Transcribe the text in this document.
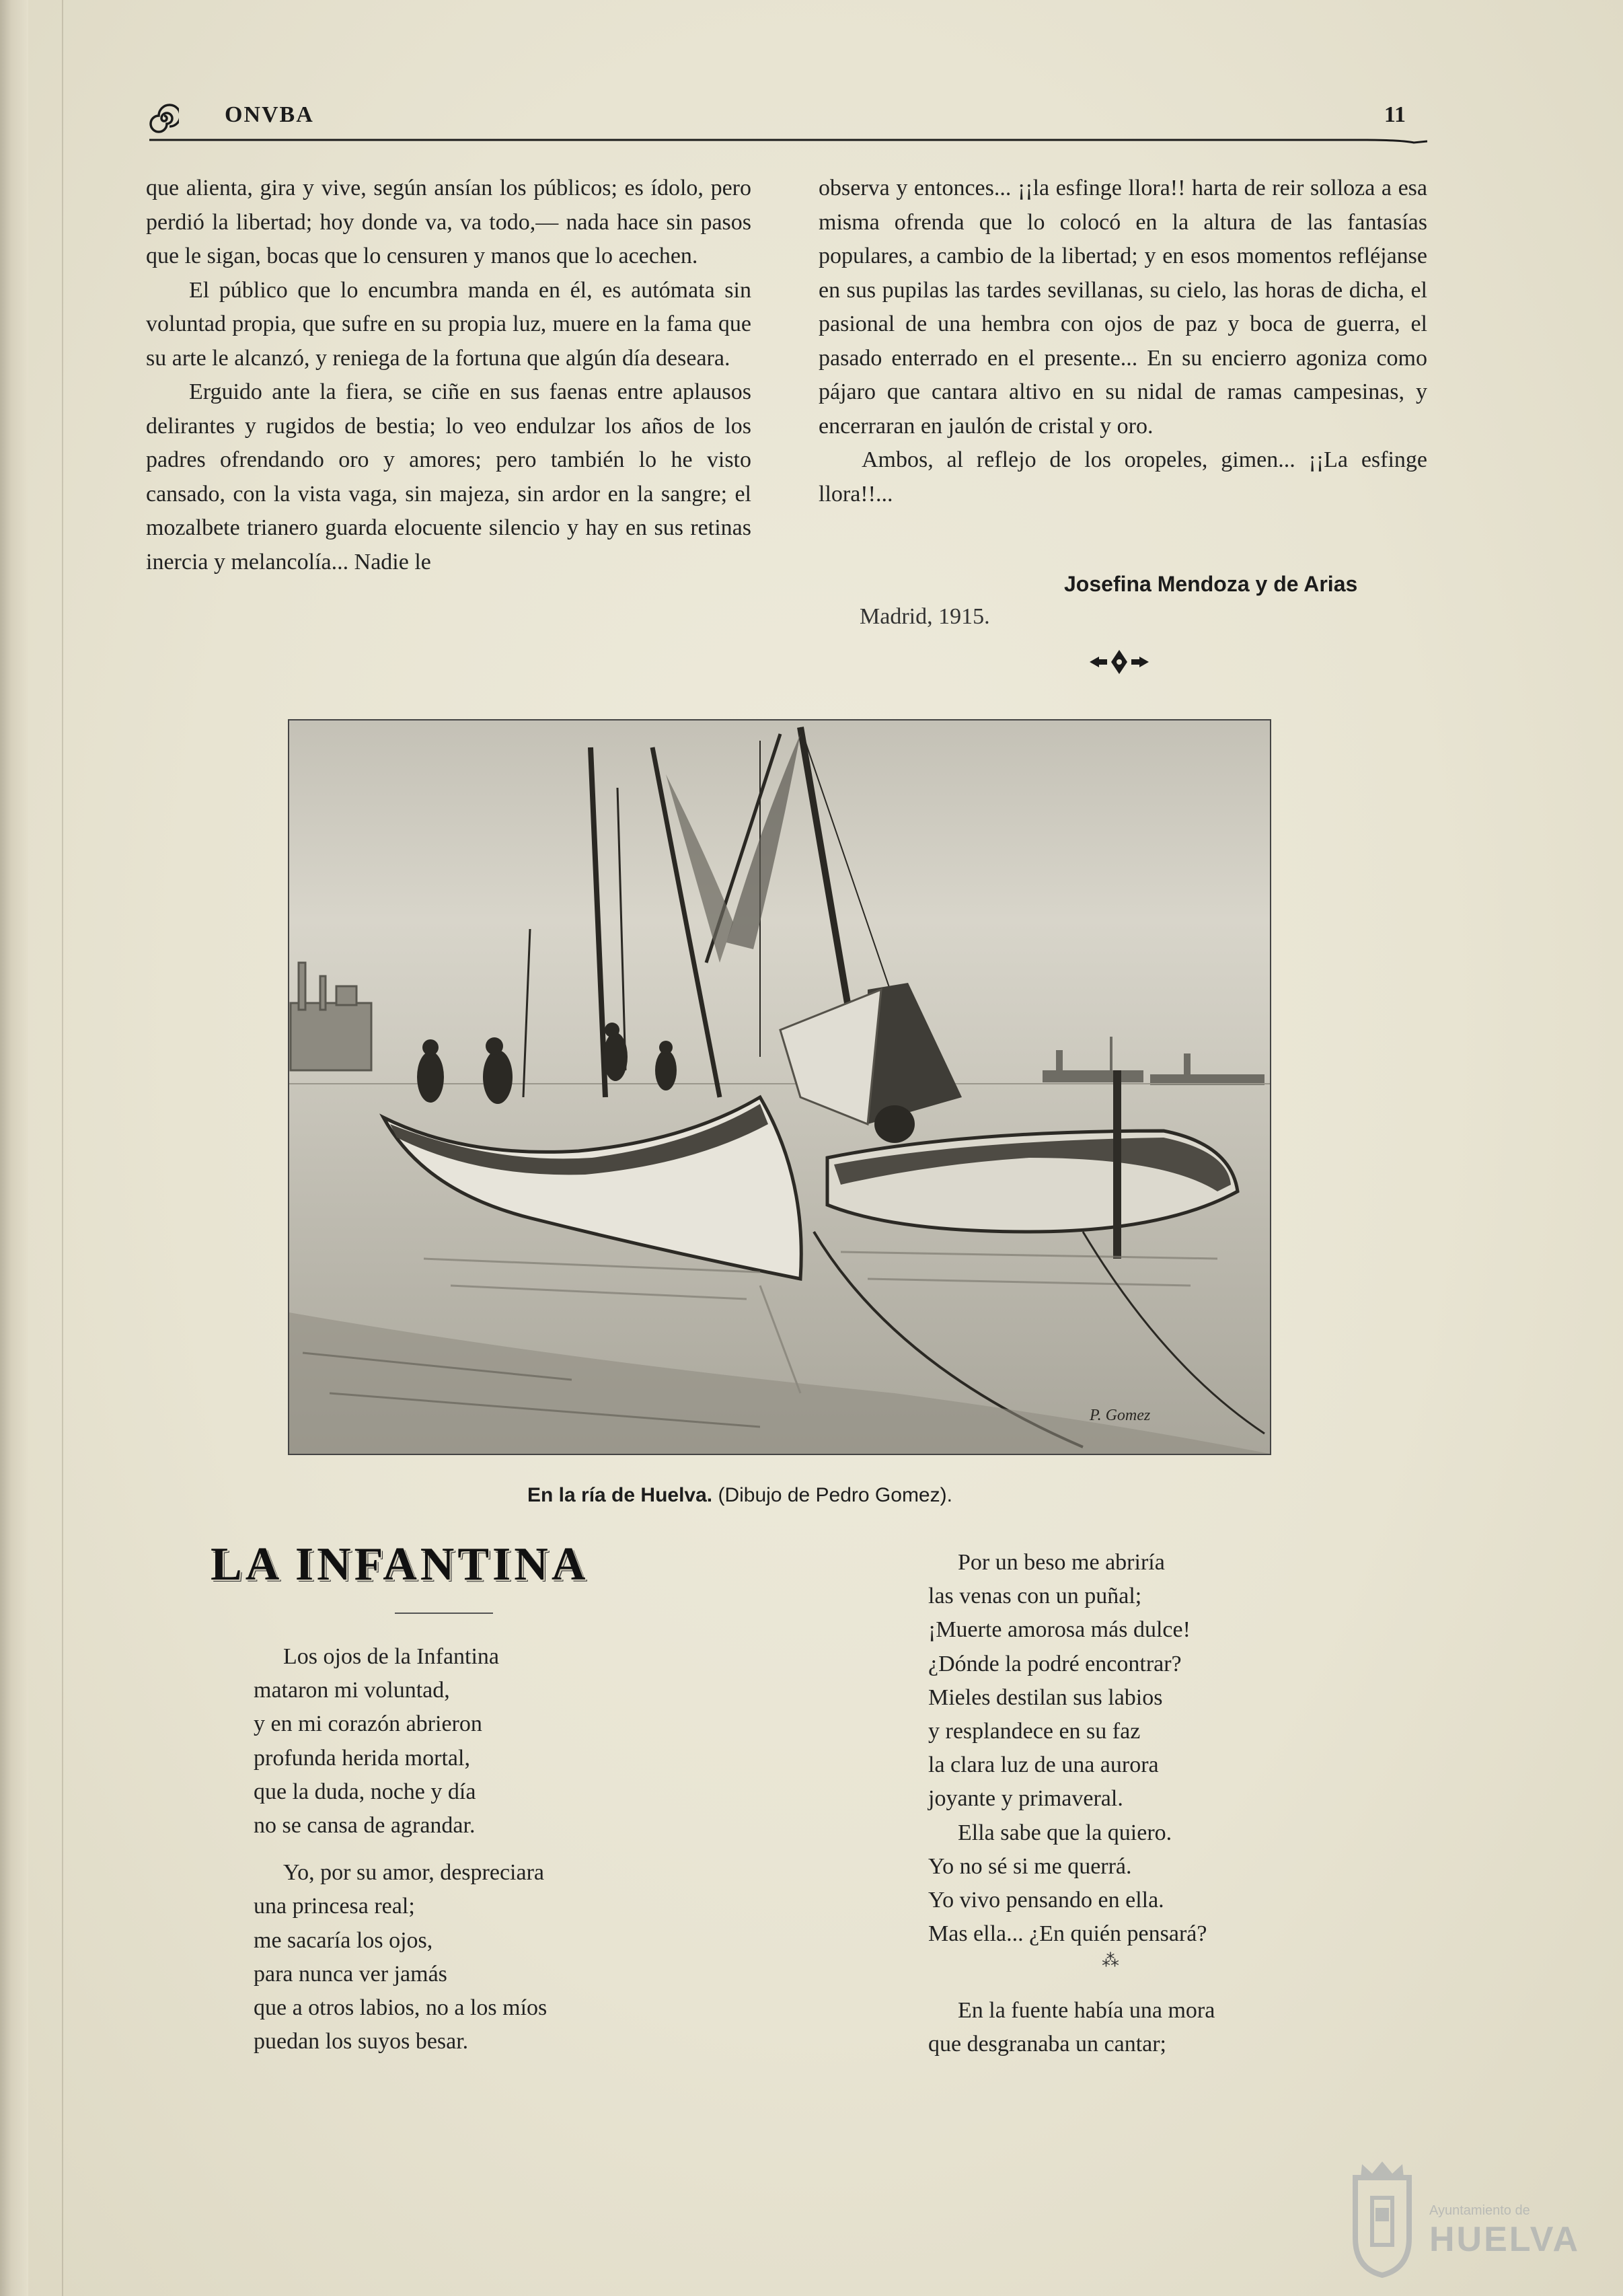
ONVBA	11

que alienta, gira y vive, según ansían los públicos; es ídolo, pero perdió la libertad; hoy donde va, va todo,— nada hace sin pasos que le sigan, bocas que lo censuren y manos que lo acechen.

El público que lo encumbra manda en él, es autómata sin voluntad propia, que sufre en su propia luz, muere en la fama que su arte le alcanzó, y reniega de la fortuna que algún día deseara.

Erguido ante la fiera, se ciñe en sus faenas entre aplausos delirantes y rugidos de bestia; lo veo endulzar los años de los padres ofrendando oro y amores; pero también lo he visto cansado, con la vista vaga, sin majeza, sin ardor en la sangre; el mozalbete trianero guarda elocuente silencio y hay en sus retinas inercia y melancolía... Nadie le

observa y entonces... ¡¡la esfinge llora!! harta de reir solloza a esa misma ofrenda que lo colocó en la altura de las fantasías populares, a cambio de la libertad; y en esos momentos refléjanse en sus pupilas las tardes sevillanas, su cielo, las horas de dicha, el pasional de una hembra con ojos de paz y boca de guerra, el pasado enterrado en el presente... En su encierro agoniza como pájaro que cantara altivo en su nidal de ramas campesinas, y encerraran en jaulón de cristal y oro.

Ambos, al reflejo de los oropeles, gimen... ¡¡La esfinge llora!!...

Josefina Mendoza y de Arias
Madrid, 1915.
P. Gomez
En la ría de Huelva. (Dibujo de Pedro Gomez).
LA INFANTINA
Los ojos de la Infantina
mataron mi voluntad,
y en mi corazón abrieron
profunda herida mortal,
que la duda, noche y día
no se cansa de agrandar.
Yo, por su amor, despreciara
una princesa real;
me sacaría los ojos,
para nunca ver jamás
que a otros labios, no a los míos
puedan los suyos besar.
Por un beso me abriría
las venas con un puñal;
¡Muerte amorosa más dulce!
¿Dónde la podré encontrar?
Mieles destilan sus labios
y resplandece en su faz
la clara luz de una aurora
joyante y primaveral.
Ella sabe que la quiero.
Yo no sé si me querrá.
Yo vivo pensando en ella.
Mas ella... ¿En quién pensará?
⁂
En la fuente había una mora
que desgranaba un cantar;
Ayuntamiento de
HUELVA
